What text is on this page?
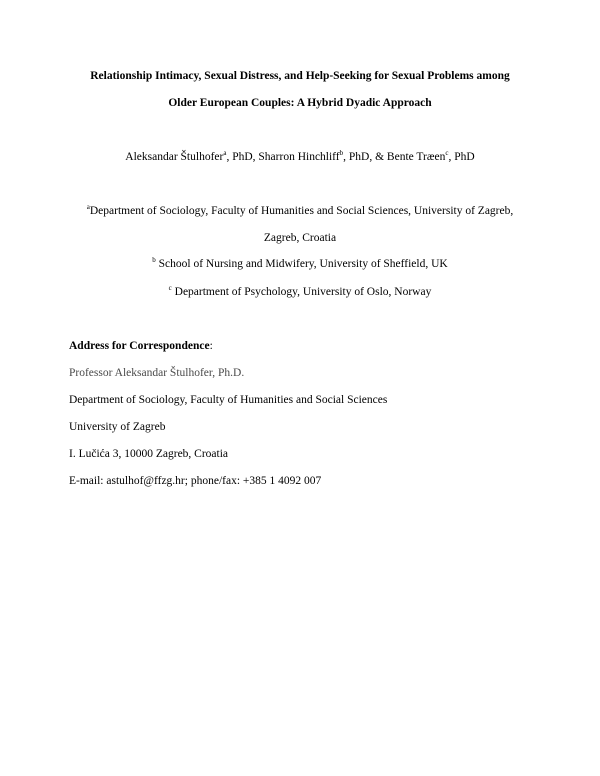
Relationship Intimacy, Sexual Distress, and Help-Seeking for Sexual Problems among
Older European Couples: A Hybrid Dyadic Approach
Aleksandar Štulhofer$^a$, PhD, Sharron Hinchliff$^b$, PhD, & Bente Træen$^c$, PhD
$^a$Department of Sociology, Faculty of Humanities and Social Sciences, University of Zagreb,
Zagreb, Croatia
$^b$ School of Nursing and Midwifery, University of Sheffield, UK
$^c$ Department of Psychology, University of Oslo, Norway
Address for Correspondence:
Professor Aleksandar Štulhofer, Ph.D.
Department of Sociology, Faculty of Humanities and Social Sciences
University of Zagreb
I. Lučića 3, 10000 Zagreb, Croatia
E-mail: astulhof@ffzg.hr; phone/fax: +385 1 4092 007
